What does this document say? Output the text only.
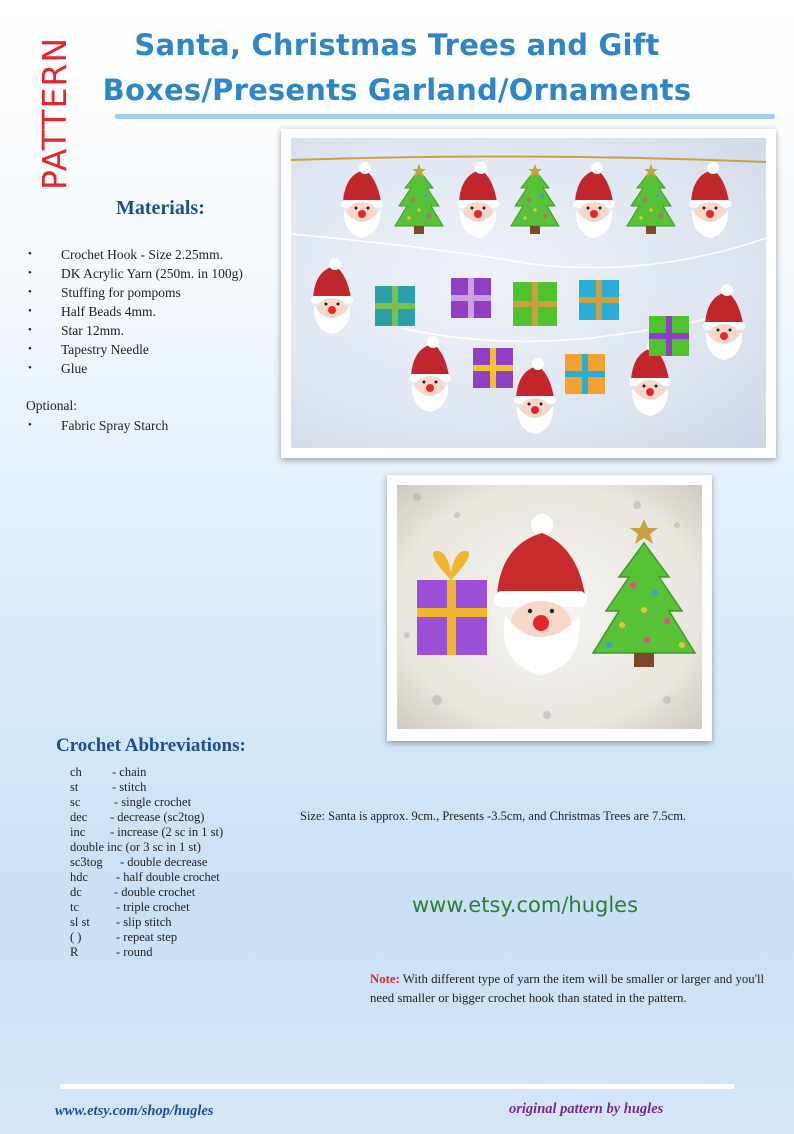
Santa, Christmas Trees and Gift
Boxes/Presents Garland/Ornaments
PATTERN
Materials:
• Crochet Hook - Size 2.25mm.
• DK Acrylic Yarn (250m. in 100g)
• Stuffing for pompoms
• Half Beads 4mm.
• Star 12mm.
• Tapestry Needle
• Glue
Optional:
• Fabric Spray Starch
Crochet Abbreviations:
ch - chain
st	- stitch
sc	- single crochet
dec - decrease (sc2tog)
inc - increase (2 sc in 1 st)
double inc (or 3 sc in 1 st)
sc3tog - double decrease
hdc - half double crochet
dc	- double crochet
tc	- triple crochet
sl st - slip stitch
( )	- repeat step
R	- round
Size: Santa is approx. 9cm., Presents -3.5cm, and Christmas Trees are 7.5cm.
www.etsy.com/hugles
Note: With different type of yarn the item will be smaller or larger and you'll need smaller or bigger crochet hook than stated in the pattern.
www.etsy.com/shop/hugles	original pattern by hugles
